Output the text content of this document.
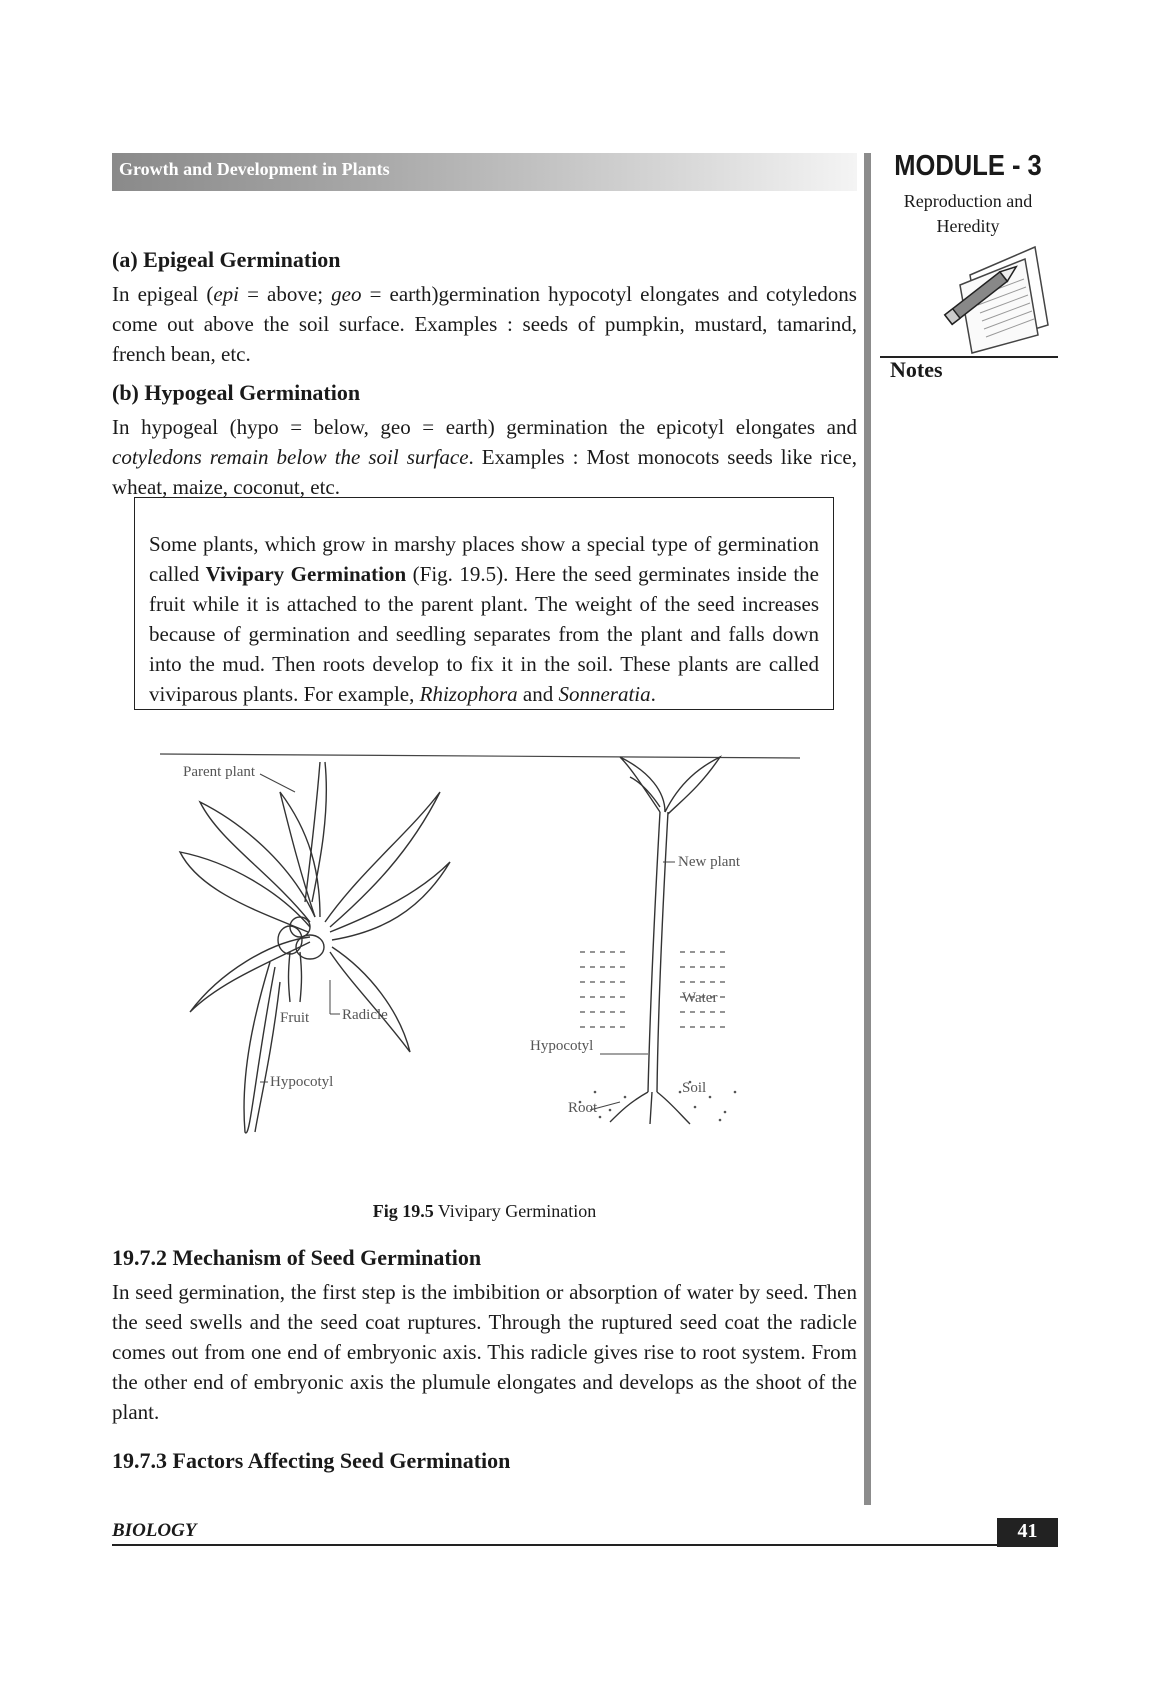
Growth and Development in Plants	MODULE - 3
Reproduction and Heredity
Notes
(a) Epigeal Germination

In epigeal (epi = above; geo = earth)germination hypocotyl elongates and cotyledons come out above the soil surface. Examples : seeds of pumpkin, mustard, tamarind, french bean, etc.

(b) Hypogeal Germination

In hypogeal (hypo = below, geo = earth) germination the epicotyl elongates and cotyledons remain below the soil surface. Examples : Most monocots seeds like rice, wheat, maize, coconut, etc.

Some plants, which grow in marshy places show a special type of germination called Vivipary Germination (Fig. 19.5). Here the seed germinates inside the fruit while it is attached to the parent plant. The weight of the seed increases because of germination and seedling separates from the plant and falls down into the mud. Then roots develop to fix it in the soil. These plants are called viviparous plants. For example, Rhizophora and Sonneratia.

Parent plant
Fruit Radicle
Hypocotyl
New plant
Water
Hypocotyl
Soil
Root
Fig 19.5 Vivipary Germination
19.7.2 Mechanism of Seed Germination

In seed germination, the first step is the imbibition or absorption of water by seed. Then the seed swells and the seed coat ruptures. Through the ruptured seed coat the radicle comes out from one end of embryonic axis. This radicle gives rise to root system. From the other end of embryonic axis the plumule elongates and develops as the shoot of the plant.

19.7.3 Factors Affecting Seed Germination
BIOLOGY	41
